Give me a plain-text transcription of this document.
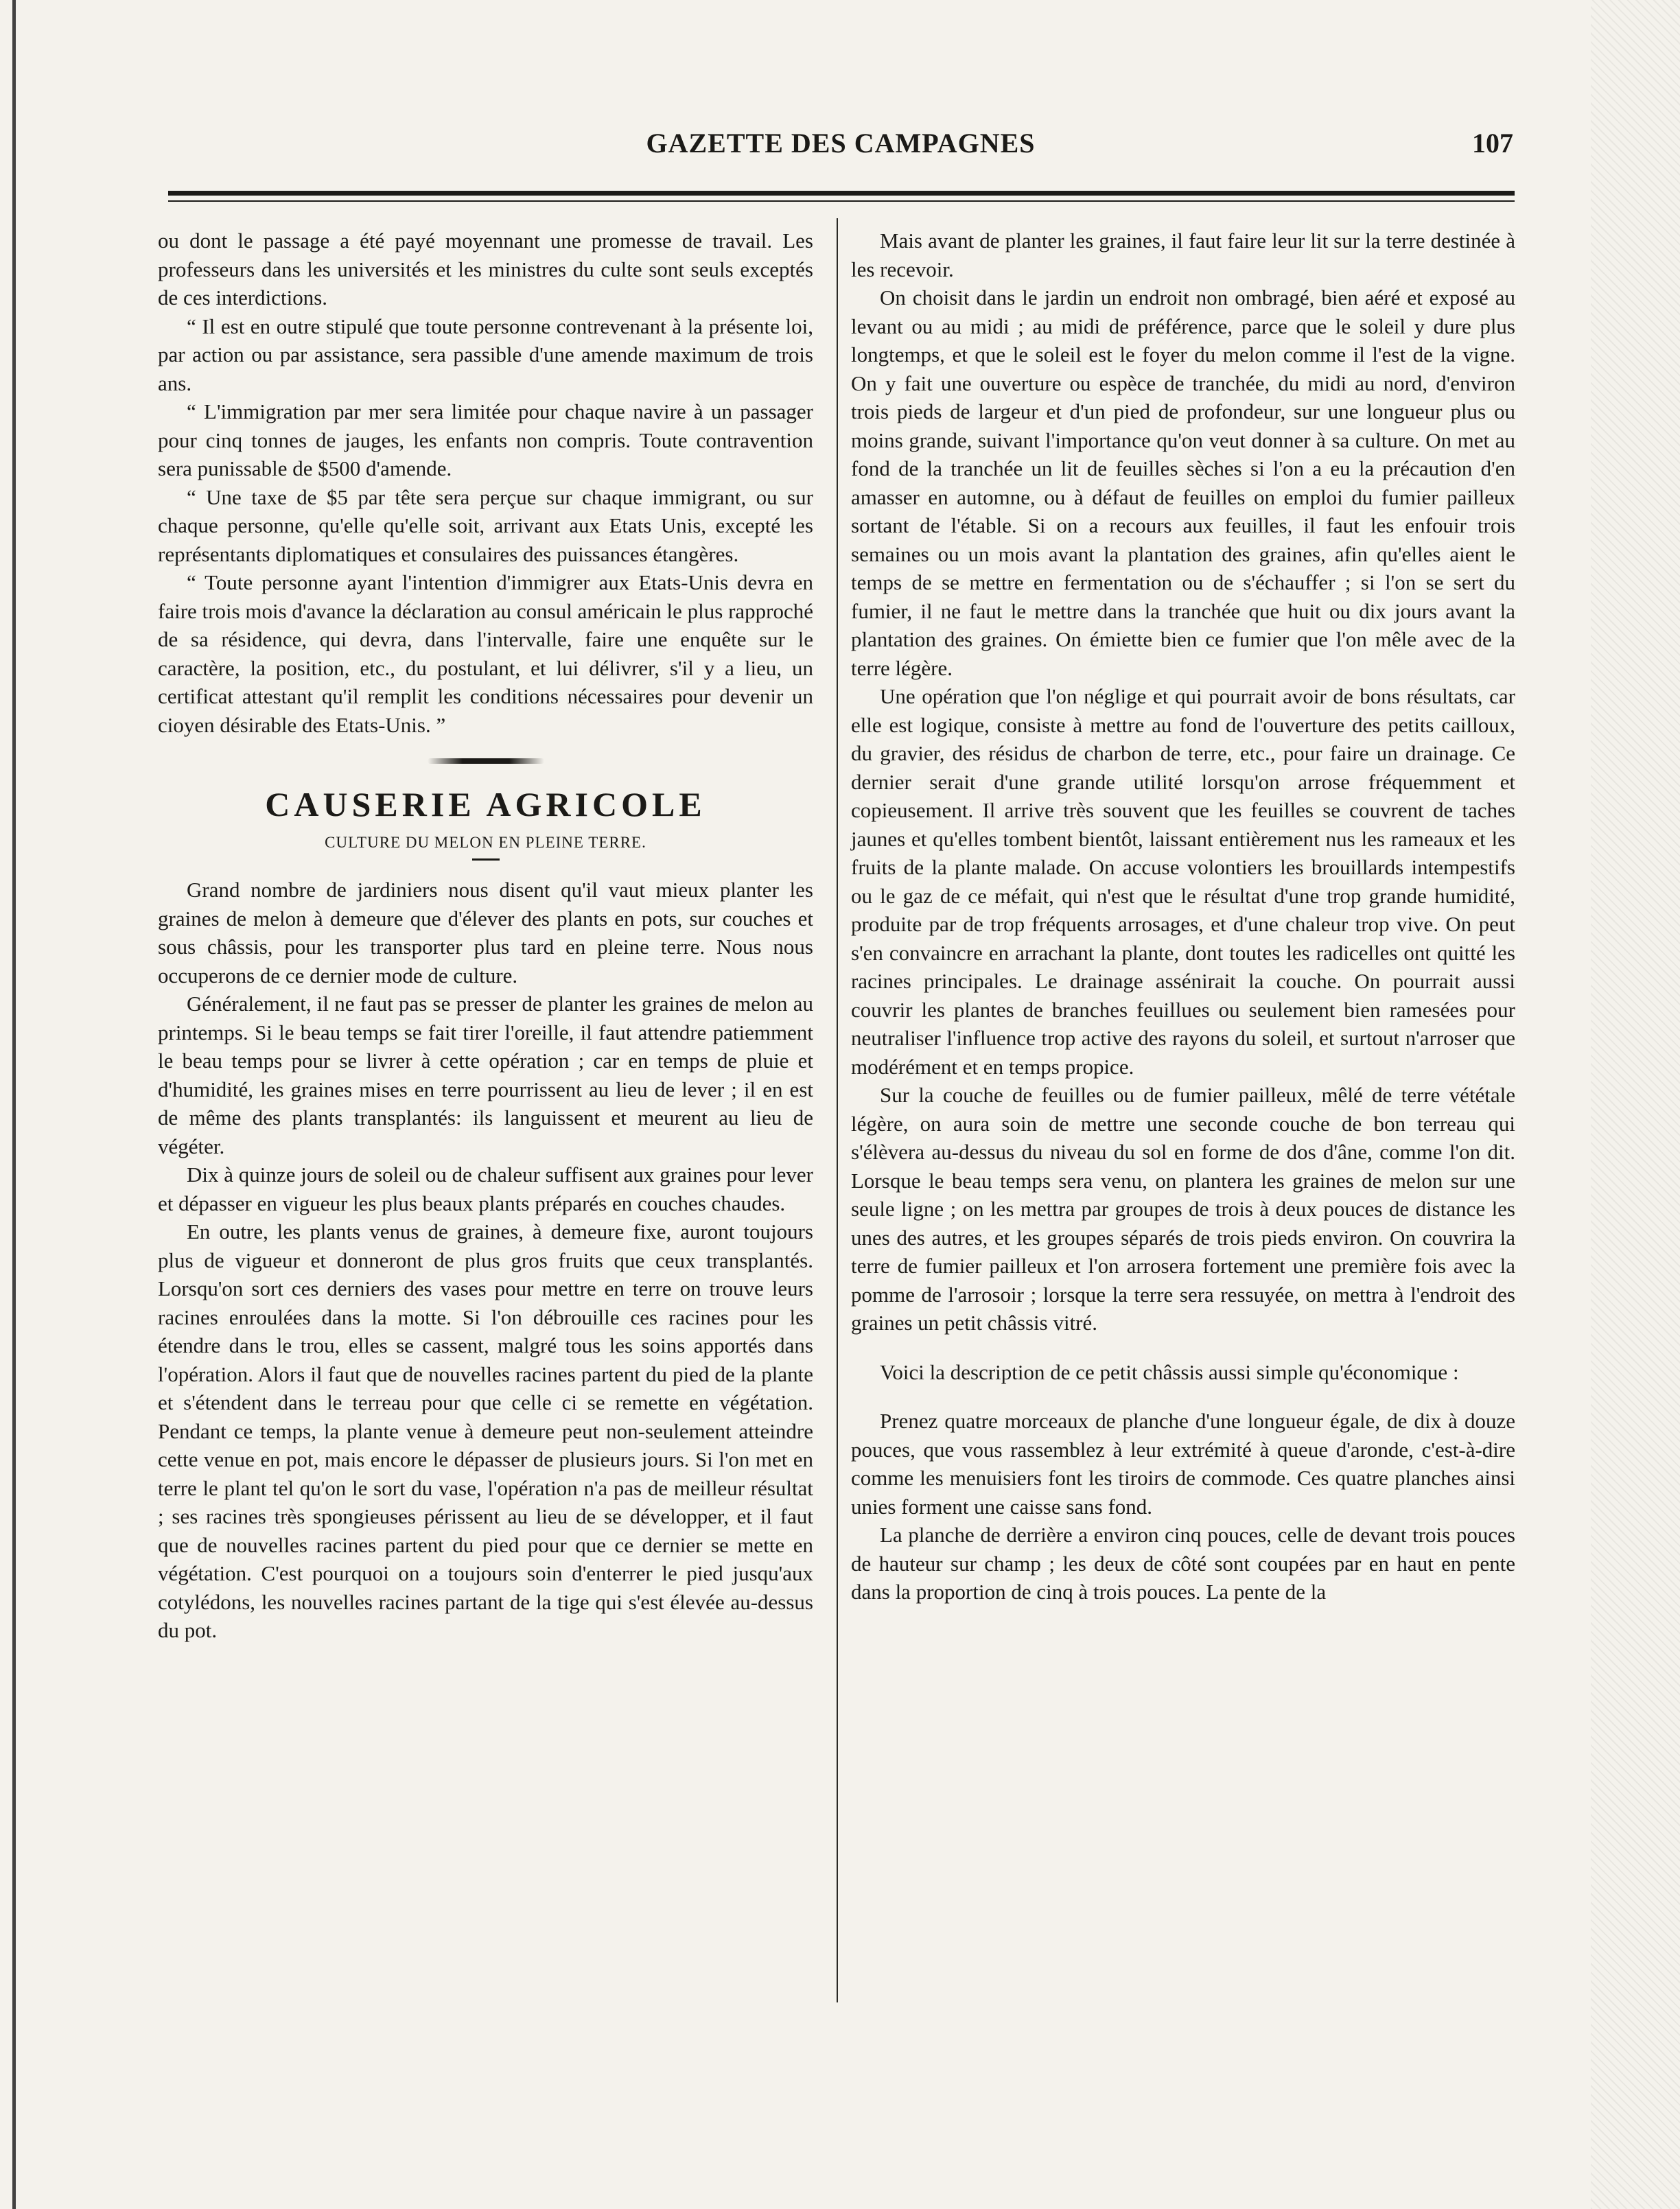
GAZETTE DES CAMPAGNES	107

ou dont le passage a été payé moyennant une promesse de travail. Les professeurs dans les universités et les ministres du culte sont seuls exceptés de ces interdictions.

“ Il est en outre stipulé que toute personne contrevenant à la présente loi, par action ou par assistance, sera passible d'une amende maximum de trois ans.

“ L'immigration par mer sera limitée pour chaque navire à un passager pour cinq tonnes de jauges, les enfants non compris. Toute contravention sera punissable de $500 d'amende.

“ Une taxe de $5 par tête sera perçue sur chaque immigrant, ou sur chaque personne, qu'elle qu'elle soit, arrivant aux Etats Unis, excepté les représentants diplomatiques et consulaires des puissances étangères.

“ Toute personne ayant l'intention d'immigrer aux Etats-Unis devra en faire trois mois d'avance la déclaration au consul américain le plus rapproché de sa résidence, qui devra, dans l'intervalle, faire une enquête sur le caractère, la position, etc., du postulant, et lui délivrer, s'il y a lieu, un certificat attestant qu'il remplit les conditions nécessaires pour devenir un cioyen désirable des Etats-Unis. ”

CAUSERIE AGRICOLE
CULTURE DU MELON EN PLEINE TERRE.

Grand nombre de jardiniers nous disent qu'il vaut mieux planter les graines de melon à demeure que d'élever des plants en pots, sur couches et sous châssis, pour les transporter plus tard en pleine terre. Nous nous occuperons de ce dernier mode de culture.

Généralement, il ne faut pas se presser de planter les graines de melon au printemps. Si le beau temps se fait tirer l'oreille, il faut attendre patiemment le beau temps pour se livrer à cette opération ; car en temps de pluie et d'humidité, les graines mises en terre pourrissent au lieu de lever ; il en est de même des plants transplantés: ils languissent et meurent au lieu de végéter.

Dix à quinze jours de soleil ou de chaleur suffisent aux graines pour lever et dépasser en vigueur les plus beaux plants préparés en couches chaudes.

En outre, les plants venus de graines, à demeure fixe, auront toujours plus de vigueur et donneront de plus gros fruits que ceux transplantés. Lorsqu'on sort ces derniers des vases pour mettre en terre on trouve leurs racines enroulées dans la motte. Si l'on débrouille ces racines pour les étendre dans le trou, elles se cassent, malgré tous les soins apportés dans l'opération. Alors il faut que de nouvelles racines partent du pied de la plante et s'étendent dans le terreau pour que celle ci se remette en végétation. Pendant ce temps, la plante venue à demeure peut non-seulement atteindre cette venue en pot, mais encore le dépasser de plusieurs jours. Si l'on met en terre le plant tel qu'on le sort du vase, l'opération n'a pas de meilleur résultat ; ses racines très spongieuses périssent au lieu de se développer, et il faut que de nouvelles racines partent du pied pour que ce dernier se mette en végétation. C'est pourquoi on a toujours soin d'enterrer le pied jusqu'aux cotylédons, les nouvelles racines partant de la tige qui s'est élevée au-dessus du pot.

Mais avant de planter les graines, il faut faire leur lit sur la terre destinée à les recevoir.

On choisit dans le jardin un endroit non ombragé, bien aéré et exposé au levant ou au midi ; au midi de préférence, parce que le soleil y dure plus longtemps, et que le soleil est le foyer du melon comme il l'est de la vigne. On y fait une ouverture ou espèce de tranchée, du midi au nord, d'environ trois pieds de largeur et d'un pied de profondeur, sur une longueur plus ou moins grande, suivant l'importance qu'on veut donner à sa culture. On met au fond de la tranchée un lit de feuilles sèches si l'on a eu la précaution d'en amasser en automne, ou à défaut de feuilles on emploi du fumier pailleux sortant de l'étable. Si on a recours aux feuilles, il faut les enfouir trois semaines ou un mois avant la plantation des graines, afin qu'elles aient le temps de se mettre en fermentation ou de s'échauffer ; si l'on se sert du fumier, il ne faut le mettre dans la tranchée que huit ou dix jours avant la plantation des graines. On émiette bien ce fumier que l'on mêle avec de la terre légère.

Une opération que l'on néglige et qui pourrait avoir de bons résultats, car elle est logique, consiste à mettre au fond de l'ouverture des petits cailloux, du gravier, des résidus de charbon de terre, etc., pour faire un drainage. Ce dernier serait d'une grande utilité lorsqu'on arrose fréquemment et copieusement. Il arrive très souvent que les feuilles se couvrent de taches jaunes et qu'elles tombent bientôt, laissant entièrement nus les rameaux et les fruits de la plante malade. On accuse volontiers les brouillards intempestifs ou le gaz de ce méfait, qui n'est que le résultat d'une trop grande humidité, produite par de trop fréquents arrosages, et d'une chaleur trop vive. On peut s'en convaincre en arrachant la plante, dont toutes les radicelles ont quitté les racines principales. Le drainage assénirait la couche. On pourrait aussi couvrir les plantes de branches feuillues ou seulement bien ramesées pour neutraliser l'influence trop active des rayons du soleil, et surtout n'arroser que modérément et en temps propice.

Sur la couche de feuilles ou de fumier pailleux, mêlé de terre vététale légère, on aura soin de mettre une seconde couche de bon terreau qui s'élèvera au-dessus du niveau du sol en forme de dos d'âne, comme l'on dit. Lorsque le beau temps sera venu, on plantera les graines de melon sur une seule ligne ; on les mettra par groupes de trois à deux pouces de distance les unes des autres, et les groupes séparés de trois pieds environ. On couvrira la terre de fumier pailleux et l'on arrosera fortement une première fois avec la pomme de l'arrosoir ; lorsque la terre sera ressuyée, on mettra à l'endroit des graines un petit châssis vitré.

Voici la description de ce petit châssis aussi simple qu'économique :

Prenez quatre morceaux de planche d'une longueur égale, de dix à douze pouces, que vous rassemblez à leur extrémité à queue d'aronde, c'est-à-dire comme les menuisiers font les tiroirs de commode. Ces quatre planches ainsi unies forment une caisse sans fond.

La planche de derrière a environ cinq pouces, celle de devant trois pouces de hauteur sur champ ; les deux de côté sont coupées par en haut en pente dans la proportion de cinq à trois pouces. La pente de la
